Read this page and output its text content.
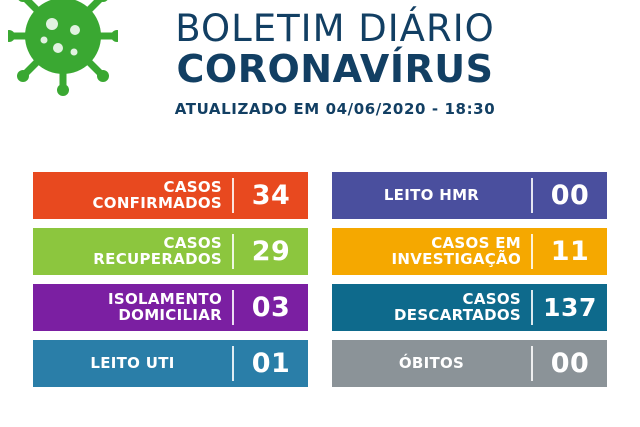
BOLETIM DIÁRIO
CORONAVÍRUS
ATUALIZADO EM 04/06/2020 - 18:30
CASOS CONFIRMADOS	34
CASOS RECUPERADOS	29
ISOLAMENTO DOMICILIAR	03
LEITO UTI	01
LEITO HMR	00
CASOS EM INVESTIGAÇÃO	11
CASOS DESCARTADOS 137
ÓBITOS	00
